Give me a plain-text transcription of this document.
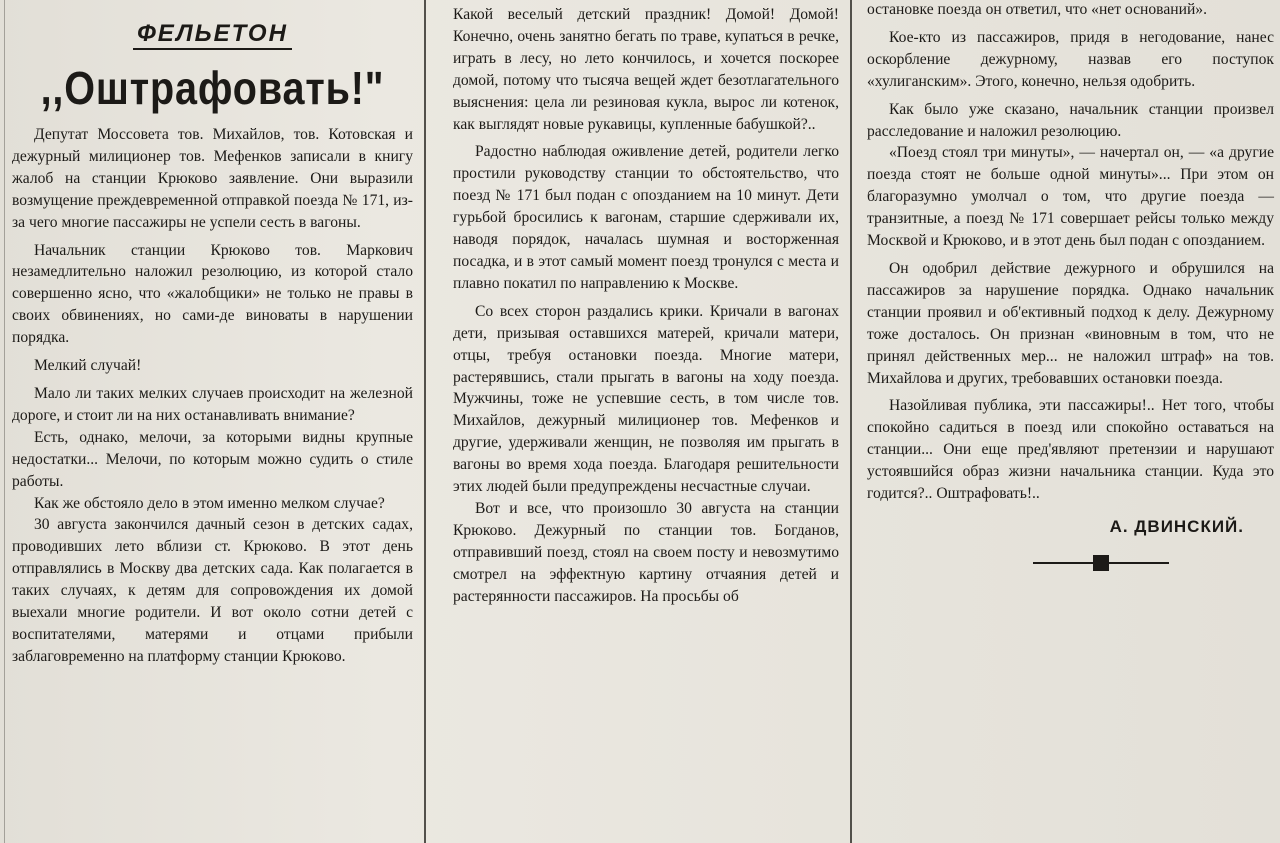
ФЕЛЬЕТОН
,,Оштрафовать!"

Депутат Моссовета тов. Михайлов, тов. Котовская и дежурный милиционер тов. Мефенков записали в книгу жалоб на станции Крюково заявление. Они выразили возмущение преждевременной отправкой поезда № 171, из-за чего многие пассажиры не успели сесть в вагоны.

Начальник станции Крюково тов. Маркович незамедлительно наложил резолюцию, из которой стало совершенно ясно, что «жалобщики» не только не правы в своих обвинениях, но сами-де виноваты в нарушении порядка.

Мелкий случай!

Мало ли таких мелких случаев происходит на железной дороге, и стоит ли на них останавливать внимание?

Есть, однако, мелочи, за которыми видны крупные недостатки... Мелочи, по которым можно судить о стиле работы.

Как же обстояло дело в этом именно мелком случае?

30 августа закончился дачный сезон в детских садах, проводивших лето вблизи ст. Крюково. В этот день отправлялись в Москву два детских сада. Как полагается в таких случаях, к детям для сопровождения их домой выехали многие родители. И вот около сотни детей с воспитателями, матерями и отцами прибыли заблаговременно на платформу станции Крюково.

Какой веселый детский праздник! Домой! Домой! Конечно, очень занятно бегать по траве, купаться в речке, играть в лесу, но лето кончилось, и хочется поскорее домой, потому что тысяча вещей ждет безотлагательного выяснения: цела ли резиновая кукла, вырос ли котенок, как выглядят новые рукавицы, купленные бабушкой?..

Радостно наблюдая оживление детей, родители легко простили руководству станции то обстоятельство, что поезд № 171 был подан с опозданием на 10 минут. Дети гурьбой бросились к вагонам, старшие сдерживали их, наводя порядок, началась шумная и восторженная посадка, и в этот самый момент поезд тронулся с места и плавно покатил по направлению к Москве.

Со всех сторон раздались крики. Кричали в вагонах дети, призывая оставшихся матерей, кричали матери, отцы, требуя остановки поезда. Многие матери, растерявшись, стали прыгать в вагоны на ходу поезда. Мужчины, тоже не успевшие сесть, в том числе тов. Михайлов, дежурный милиционер тов. Мефенков и другие, удерживали женщин, не позволяя им прыгать в вагоны во время хода поезда. Благодаря решительности этих людей были предупреждены несчастные случаи.

Вот и все, что произошло 30 августа на станции Крюково. Дежурный по станции тов. Богданов, отправивший поезд, стоял на своем посту и невозмутимо смотрел на эффектную картину отчаяния детей и растерянности пассажиров. На просьбы об

остановке поезда он ответил, что «нет оснований».

Кое-кто из пассажиров, придя в негодование, нанес оскорбление дежурному, назвав его поступок «хулиганским». Этого, конечно, нельзя одобрить.

Как было уже сказано, начальник станции произвел расследование и наложил резолюцию.

«Поезд стоял три минуты», — начертал он, — «а другие поезда стоят не больше одной минуты»... При этом он благоразумно умолчал о том, что другие поезда — транзитные, а поезд № 171 совершает рейсы только между Москвой и Крюково, и в этот день был подан с опозданием.

Он одобрил действие дежурного и обрушился на пассажиров за нарушение порядка. Однако начальник станции проявил и об'ективный подход к делу. Дежурному тоже досталось. Он признан «виновным в том, что не принял действенных мер... не наложил штраф» на тов. Михайлова и других, требовавших остановки поезда.

Назойливая публика, эти пассажиры!.. Нет того, чтобы спокойно садиться в поезд или спокойно оставаться на станции... Они еще пред'являют претензии и нарушают устоявшийся образ жизни начальника станции. Куда это годится?.. Оштрафовать!..

А. ДВИНСКИЙ.
